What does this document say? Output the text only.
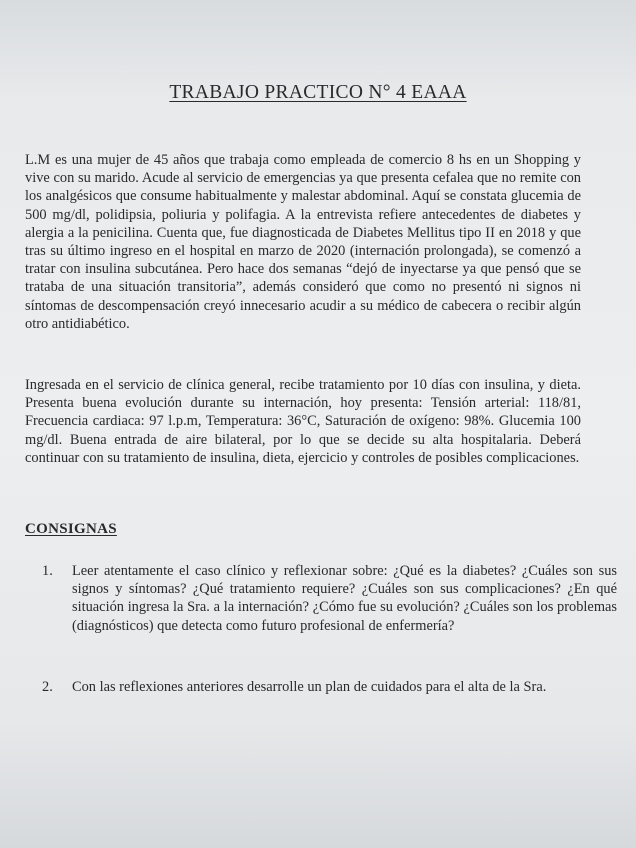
TRABAJO PRACTICO N° 4 EAAA

L.M es una mujer de 45 años que trabaja como empleada de comercio 8 hs en un Shopping y vive con su marido. Acude al servicio de emergencias ya que presenta cefalea que no remite con los analgésicos que consume habitualmente y malestar abdominal. Aquí se constata glucemia de 500 mg/dl, polidipsia, poliuria y polifagia. A la entrevista refiere antecedentes de diabetes y alergia a la penicilina. Cuenta que, fue diagnosticada de Diabetes Mellitus tipo II en 2018 y que tras su último ingreso en el hospital en marzo de 2020 (internación prolongada), se comenzó a tratar con insulina subcutánea. Pero hace dos semanas “dejó de inyectarse ya que pensó que se trataba de una situación transitoria”, además consideró que como no presentó ni signos ni síntomas de descompensación creyó innecesario acudir a su médico de cabecera o recibir algún otro antidiabético.

Ingresada en el servicio de clínica general, recibe tratamiento por 10 días con insulina, y dieta. Presenta buena evolución durante su internación, hoy presenta: Tensión arterial: 118/81, Frecuencia cardiaca: 97 l.p.m, Temperatura: 36°C, Saturación de oxígeno: 98%. Glucemia 100 mg/dl. Buena entrada de aire bilateral, por lo que se decide su alta hospitalaria. Deberá continuar con su tratamiento de insulina, dieta, ejercicio y controles de posibles complicaciones.

CONSIGNAS
1. Leer atentamente el caso clínico y reflexionar sobre: ¿Qué es la diabetes? ¿Cuáles son sus signos y síntomas? ¿Qué tratamiento requiere? ¿Cuáles son sus complicaciones? ¿En qué situación ingresa la Sra. a la internación? ¿Cómo fue su evolución? ¿Cuáles son los problemas (diagnósticos) que detecta como futuro profesional de enfermería?
2. Con las reflexiones anteriores desarrolle un plan de cuidados para el alta de la Sra.
